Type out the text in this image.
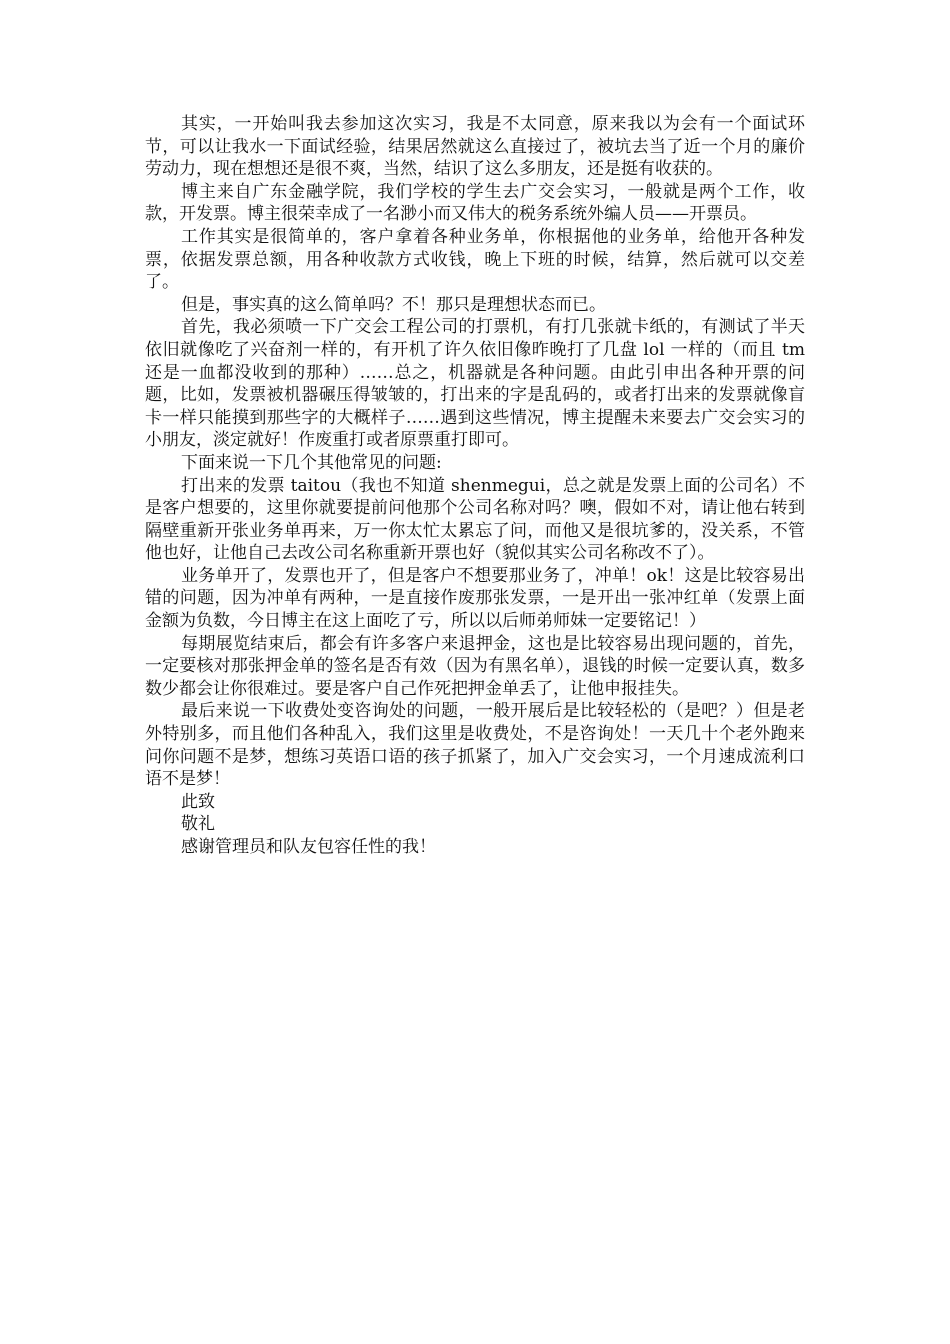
其实，一开始叫我去参加这次实习，我是不太同意，原来我以为会有一个面试环节，可以让我水一下面试经验，结果居然就这么直接过了，被坑去当了近一个月的廉价劳动力，现在想想还是很不爽，当然，结识了这么多朋友，还是挺有收获的。

博主来自广东金融学院，我们学校的学生去广交会实习，一般就是两个工作，收款，开发票。博主很荣幸成了一名渺小而又伟大的税务系统外编人员——开票员。

工作其实是很简单的，客户拿着各种业务单，你根据他的业务单，给他开各种发票，依据发票总额，用各种收款方式收钱，晚上下班的时候，结算，然后就可以交差了。

但是，事实真的这么简单吗？不！那只是理想状态而已。

首先，我必须喷一下广交会工程公司的打票机，有打几张就卡纸的，有测试了半天依旧就像吃了兴奋剂一样的，有开机了许久依旧像昨晚打了几盘 lol 一样的（而且 tm 还是一血都没收到的那种）……总之，机器就是各种问题。由此引申出各种开票的问题，比如，发票被机器碾压得皱皱的，打出来的字是乱码的，或者打出来的发票就像盲卡一样只能摸到那些字的大概样子……遇到这些情况，博主提醒未来要去广交会实习的小朋友，淡定就好！作废重打或者原票重打即可。

下面来说一下几个其他常见的问题:

打出来的发票 taitou（我也不知道 shenmegui，总之就是发票上面的公司名）不是客户想要的，这里你就要提前问他那个公司名称对吗？噢，假如不对，请让他右转到隔壁重新开张业务单再来，万一你太忙太累忘了问，而他又是很坑爹的，没关系，不管他也好，让他自己去改公司名称重新开票也好（貌似其实公司名称改不了）。

业务单开了，发票也开了，但是客户不想要那业务了，冲单！ok！这是比较容易出错的问题，因为冲单有两种，一是直接作废那张发票，一是开出一张冲红单（发票上面金额为负数，今日博主在这上面吃了亏，所以以后师弟师妹一定要铭记！）

每期展览结束后，都会有许多客户来退押金，这也是比较容易出现问题的，首先，一定要核对那张押金单的签名是否有效（因为有黑名单），退钱的时候一定要认真，数多数少都会让你很难过。要是客户自己作死把押金单丢了，让他申报挂失。

最后来说一下收费处变咨询处的问题，一般开展后是比较轻松的（是吧？）但是老外特别多，而且他们各种乱入，我们这里是收费处，不是咨询处！一天几十个老外跑来问你问题不是梦，想练习英语口语的孩子抓紧了，加入广交会实习，一个月速成流利口语不是梦！

此致

敬礼

感谢管理员和队友包容任性的我！
